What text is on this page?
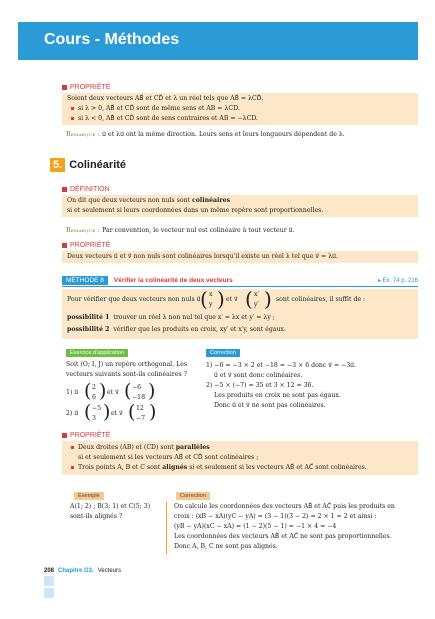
Cours - Méthodes
PROPRIÉTÉ
Soient deux vecteurs AB⃗ et CD⃗ et λ un réel tels que AB⃗ = λCD⃗.
si λ > 0, AB⃗ et CD⃗ sont de même sens et AB = λCD.
si λ < 0, AB⃗ et CD⃗ sont de sens contraires et AB = −λCD.
Remarque : u⃗ et λu⃗ ont la même direction. Leurs sens et leurs longueurs dépendent de λ.
5. Colinéarité
DÉFINITION
On dit que deux vecteurs non nuls sont colinéaires
si et seulement si leurs coordonnées dans un même repère sont proportionnelles.
Remarque : Par convention, le vecteur nul est colinéaire à tout vecteur u⃗.
PROPRIÉTÉ
Deux vecteurs u⃗ et v⃗ non nuls sont colinéaires lorsqu'il existe un réel λ tel que v⃗ = λu⃗.
MÉTHODE 8 Vérifier la colinéarité de deux vecteurs	▸ Ex. 74 p. 216
Pour vérifier que deux vecteurs non nuls u⃗ ( x
y ) et v⃗ ( x′
y′ ) sont colinéaires, il suffit de :
possibilité 1 trouver un réel λ non nul tel que x′ = λx et y′ = λy ;
possibilité 2 vérifier que les produits en croix, xy′ et x′y, sont égaux.
Exercice d'application
Soit (O; I, J) un repère orthogonal. Les
vecteurs suivants sont-ils colinéaires ?
1) u⃗ ( 2
6 ) et v⃗ ( −6
−18 )
2) u⃗ ( −5
3 ) et v⃗ ( 12
−7 )
Correction
1) −6 = −3 × 2 et −18 = −3 × 6 donc v⃗ = −3u⃗.
u⃗ et v⃗ sont donc colinéaires.
2) −5 × (−7) = 35 et 3 × 12 = 36.
Les produits en croix ne sont pas égaux.
Donc u⃗ et v⃗ ne sont pas colinéaires.
PROPRIÉTÉ
Deux droites (AB) et (CD) sont parallèles
si et seulement si les vecteurs AB⃗ et CD⃗ sont colinéaires ;
Trois points A, B et C sont alignés si et seulement si les vecteurs AB⃗ et AC⃗ sont colinéaires.
Exemple
A(1; 2) ; B(3; 1) et C(5; 3)
sont-ils alignés ?
Correction
On calcule les coordonnées des vecteurs AB⃗ et AC⃗ puis les produits en
croix : (xB − xA)(yC − yA) = (3 − 1)(3 − 2) = 2 × 1 = 2 et ainsi :
(yB − yA)(xC − xA) = (1 − 2)(5 − 1) = −1 × 4 = −4
Les coordonnées des vecteurs AB⃗ et AC⃗ ne sont pas proportionnelles.
Donc A, B, C ne sont pas alignés.
208 Chapitre G3. Vecteurs
